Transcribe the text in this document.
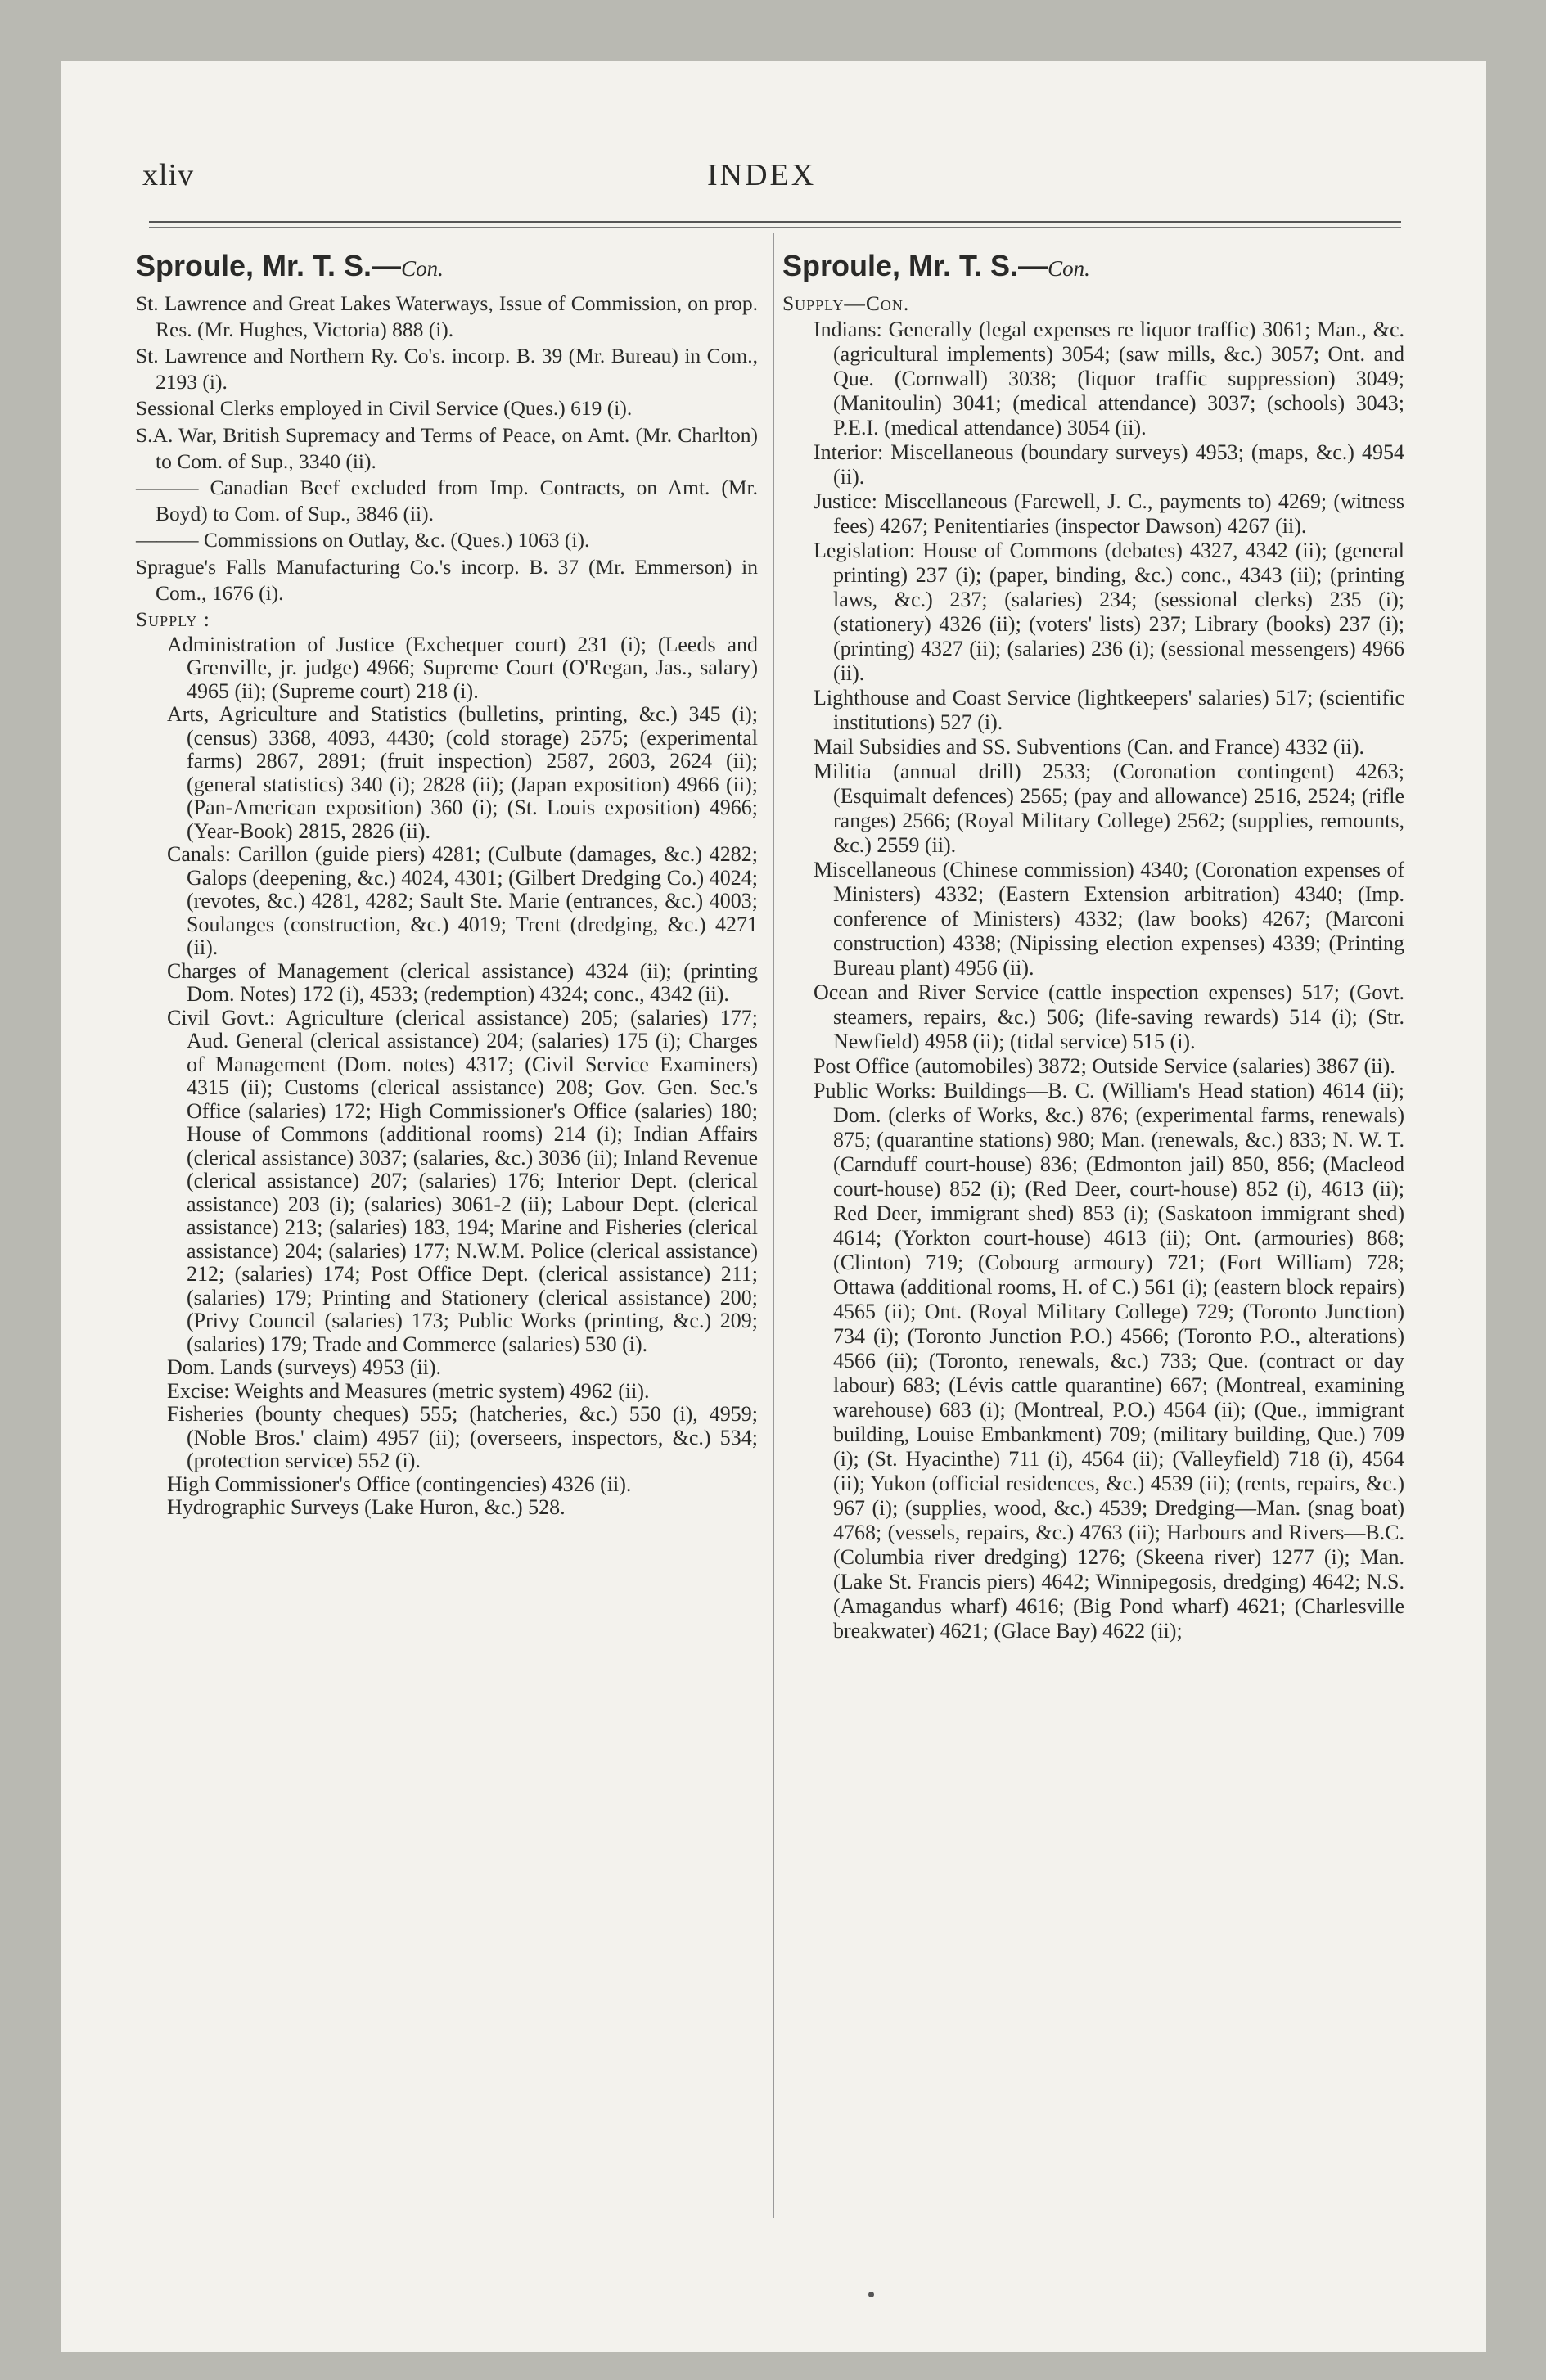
xliv	INDEX

Sproule, Mr. T. S.—Con.

St. Lawrence and Great Lakes Waterways, Issue of Commission, on prop. Res. (Mr. Hughes, Victoria) 888 (i).

St. Lawrence and Northern Ry. Co's. incorp. B. 39 (Mr. Bureau) in Com., 2193 (i).

Sessional Clerks employed in Civil Service (Ques.) 619 (i).

S.A. War, British Supremacy and Terms of Peace, on Amt. (Mr. Charlton) to Com. of Sup., 3340 (ii).

——— Canadian Beef excluded from Imp. Contracts, on Amt. (Mr. Boyd) to Com. of Sup., 3846 (ii).

——— Commissions on Outlay, &c. (Ques.) 1063 (i).

Sprague's Falls Manufacturing Co.'s incorp. B. 37 (Mr. Emmerson) in Com., 1676 (i).

Supply :

Administration of Justice (Exchequer court) 231 (i); (Leeds and Grenville, jr. judge) 4966; Supreme Court (O'Regan, Jas., salary) 4965 (ii); (Supreme court) 218 (i).

Arts, Agriculture and Statistics (bulletins, printing, &c.) 345 (i); (census) 3368, 4093, 4430; (cold storage) 2575; (experimental farms) 2867, 2891; (fruit inspection) 2587, 2603, 2624 (ii); (general statistics) 340 (i); 2828 (ii); (Japan exposition) 4966 (ii); (Pan-American exposition) 360 (i); (St. Louis exposition) 4966; (Year-Book) 2815, 2826 (ii).

Canals: Carillon (guide piers) 4281; (Culbute (damages, &c.) 4282; Galops (deepening, &c.) 4024, 4301; (Gilbert Dredging Co.) 4024; (revotes, &c.) 4281, 4282; Sault Ste. Marie (entrances, &c.) 4003; Soulanges (construction, &c.) 4019; Trent (dredging, &c.) 4271 (ii).

Charges of Management (clerical assistance) 4324 (ii); (printing Dom. Notes) 172 (i), 4533; (redemption) 4324; conc., 4342 (ii).

Civil Govt.: Agriculture (clerical assistance) 205; (salaries) 177; Aud. General (clerical assistance) 204; (salaries) 175 (i); Charges of Management (Dom. notes) 4317; (Civil Service Examiners) 4315 (ii); Customs (clerical assistance) 208; Gov. Gen. Sec.'s Office (salaries) 172; High Commissioner's Office (salaries) 180; House of Commons (additional rooms) 214 (i); Indian Affairs (clerical assistance) 3037; (salaries, &c.) 3036 (ii); Inland Revenue (clerical assistance) 207; (salaries) 176; Interior Dept. (clerical assistance) 203 (i); (salaries) 3061-2 (ii); Labour Dept. (clerical assistance) 213; (salaries) 183, 194; Marine and Fisheries (clerical assistance) 204; (salaries) 177; N.W.M. Police (clerical assistance) 212; (salaries) 174; Post Office Dept. (clerical assistance) 211; (salaries) 179; Printing and Stationery (clerical assistance) 200; (Privy Council (salaries) 173; Public Works (printing, &c.) 209; (salaries) 179; Trade and Commerce (salaries) 530 (i).

Dom. Lands (surveys) 4953 (ii).

Excise: Weights and Measures (metric system) 4962 (ii).

Fisheries (bounty cheques) 555; (hatcheries, &c.) 550 (i), 4959; (Noble Bros.' claim) 4957 (ii); (overseers, inspectors, &c.) 534; (protection service) 552 (i).

High Commissioner's Office (contingencies) 4326 (ii).

Hydrographic Surveys (Lake Huron, &c.) 528.

Sproule, Mr. T. S.—Con.

Supply—Con.

Indians: Generally (legal expenses re liquor traffic) 3061; Man., &c. (agricultural implements) 3054; (saw mills, &c.) 3057; Ont. and Que. (Cornwall) 3038; (liquor traffic suppression) 3049; (Manitoulin) 3041; (medical attendance) 3037; (schools) 3043; P.E.I. (medical attendance) 3054 (ii).

Interior: Miscellaneous (boundary surveys) 4953; (maps, &c.) 4954 (ii).

Justice: Miscellaneous (Farewell, J. C., payments to) 4269; (witness fees) 4267; Penitentiaries (inspector Dawson) 4267 (ii).

Legislation: House of Commons (debates) 4327, 4342 (ii); (general printing) 237 (i); (paper, binding, &c.) conc., 4343 (ii); (printing laws, &c.) 237; (salaries) 234; (sessional clerks) 235 (i); (stationery) 4326 (ii); (voters' lists) 237; Library (books) 237 (i); (printing) 4327 (ii); (salaries) 236 (i); (sessional messengers) 4966 (ii).

Lighthouse and Coast Service (lightkeepers' salaries) 517; (scientific institutions) 527 (i).

Mail Subsidies and SS. Subventions (Can. and France) 4332 (ii).

Militia (annual drill) 2533; (Coronation contingent) 4263; (Esquimalt defences) 2565; (pay and allowance) 2516, 2524; (rifle ranges) 2566; (Royal Military College) 2562; (supplies, remounts, &c.) 2559 (ii).

Miscellaneous (Chinese commission) 4340; (Coronation expenses of Ministers) 4332; (Eastern Extension arbitration) 4340; (Imp. conference of Ministers) 4332; (law books) 4267; (Marconi construction) 4338; (Nipissing election expenses) 4339; (Printing Bureau plant) 4956 (ii).

Ocean and River Service (cattle inspection expenses) 517; (Govt. steamers, repairs, &c.) 506; (life-saving rewards) 514 (i); (Str. Newfield) 4958 (ii); (tidal service) 515 (i).

Post Office (automobiles) 3872; Outside Service (salaries) 3867 (ii).

Public Works: Buildings—B. C. (William's Head station) 4614 (ii); Dom. (clerks of Works, &c.) 876; (experimental farms, renewals) 875; (quarantine stations) 980; Man. (renewals, &c.) 833; N. W. T. (Carnduff court-house) 836; (Edmonton jail) 850, 856; (Macleod court-house) 852 (i); (Red Deer, court-house) 852 (i), 4613 (ii); Red Deer, immigrant shed) 853 (i); (Saskatoon immigrant shed) 4614; (Yorkton court-house) 4613 (ii); Ont. (armouries) 868; (Clinton) 719; (Cobourg armoury) 721; (Fort William) 728; Ottawa (additional rooms, H. of C.) 561 (i); (eastern block repairs) 4565 (ii); Ont. (Royal Military College) 729; (Toronto Junction) 734 (i); (Toronto Junction P.O.) 4566; (Toronto P.O., alterations) 4566 (ii); (Toronto, renewals, &c.) 733; Que. (contract or day labour) 683; (Lévis cattle quarantine) 667; (Montreal, examining warehouse) 683 (i); (Montreal, P.O.) 4564 (ii); (Que., immigrant building, Louise Embankment) 709; (military building, Que.) 709 (i); (St. Hyacinthe) 711 (i), 4564 (ii); (Valleyfield) 718 (i), 4564 (ii); Yukon (official residences, &c.) 4539 (ii); (rents, repairs, &c.) 967 (i); (supplies, wood, &c.) 4539; Dredging—Man. (snag boat) 4768; (vessels, repairs, &c.) 4763 (ii); Harbours and Rivers—B.C. (Columbia river dredging) 1276; (Skeena river) 1277 (i); Man. (Lake St. Francis piers) 4642; Winnipegosis, dredging) 4642; N.S. (Amagandus wharf) 4616; (Big Pond wharf) 4621; (Charlesville breakwater) 4621; (Glace Bay) 4622 (ii);
